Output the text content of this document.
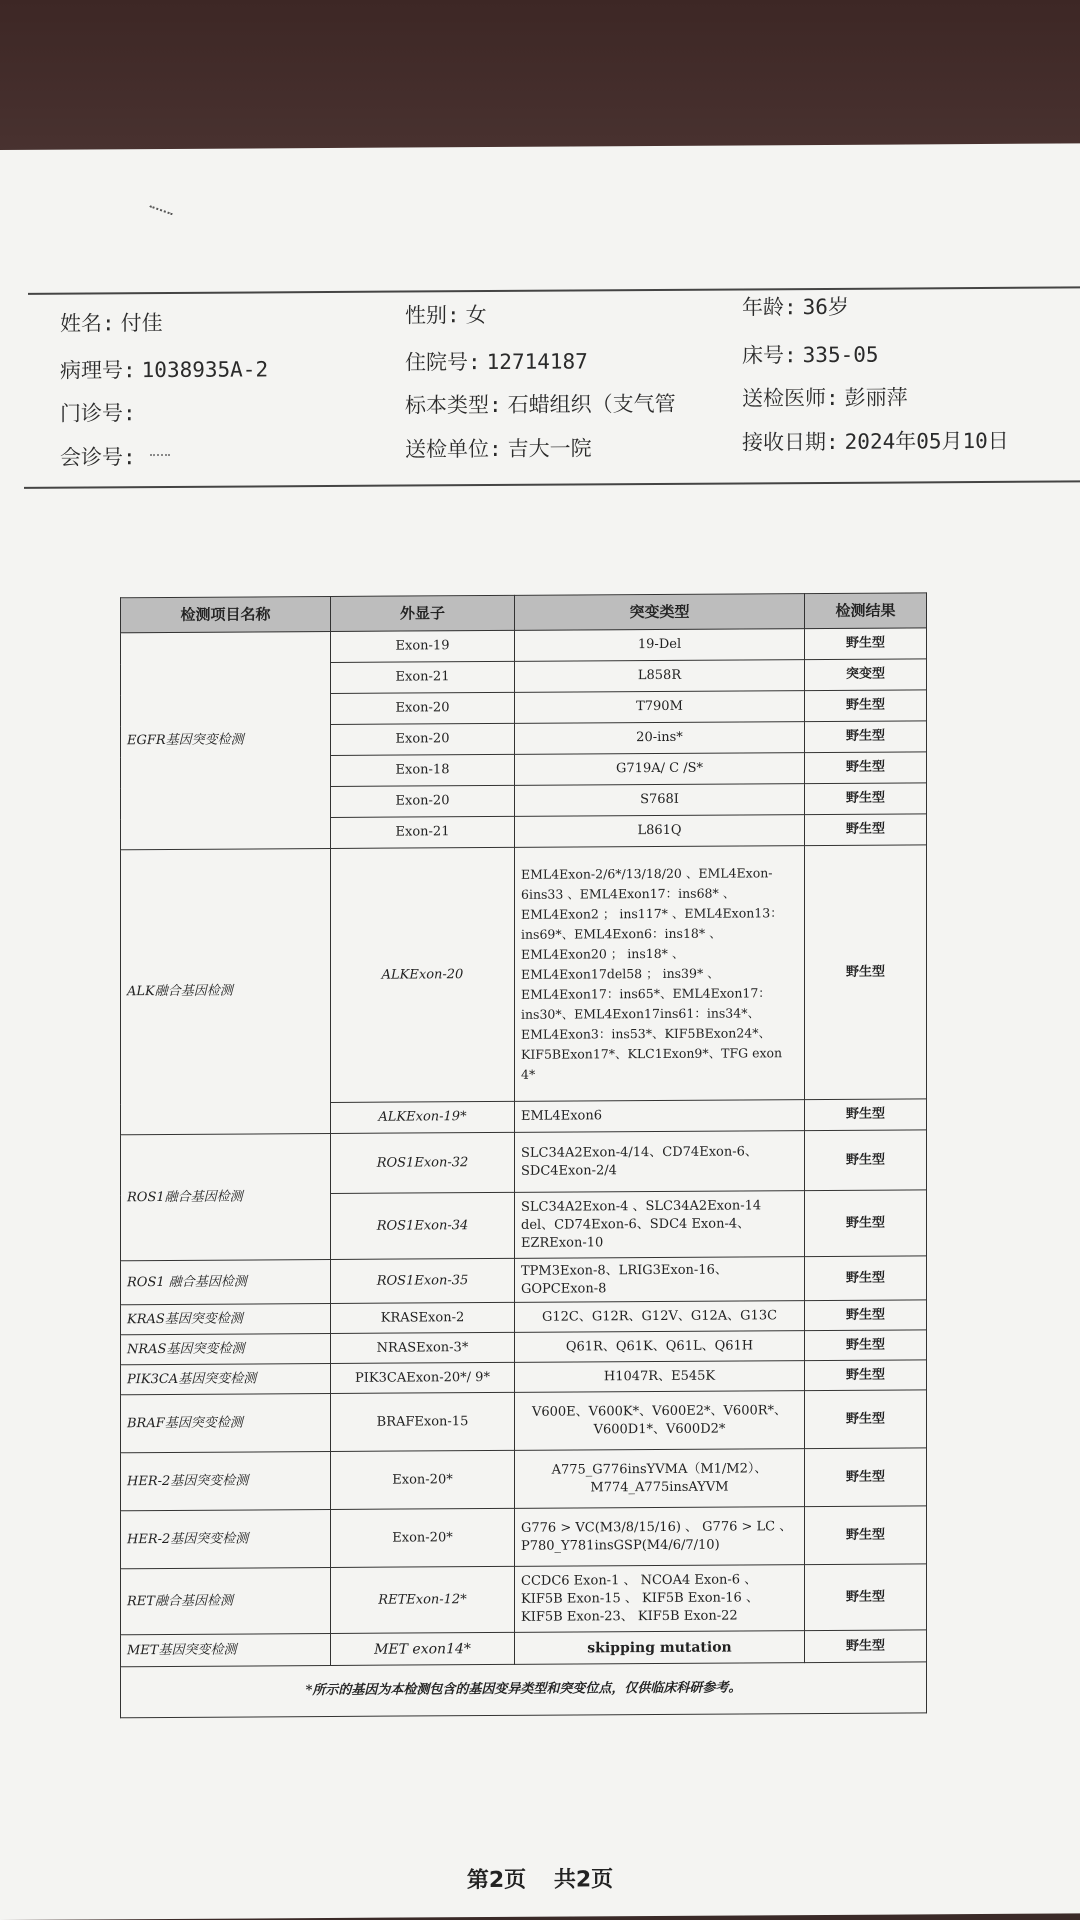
姓名: 付佳	性别: 女	年龄: 36岁
病理号: 1038935A-2	住院号: 12714187	床号: 335-05
门诊号:	标本类型: 石蜡组织（支气管	送检医师: 彭丽萍
会诊号:	送检单位: 吉大一院	接收日期: 2024年05月10日
检测项目名称	外显子	突变类型	检测结果
EGFR基因突变检测	Exon-19	19-Del	野生型
	Exon-21	L858R	突变型
	Exon-20	T790M	野生型
	Exon-20	20-ins*	野生型
	Exon-18	G719A/ C /S*	野生型
	Exon-20	S768I	野生型
	Exon-21	L861Q	野生型
ALK融合基因检测	ALKExon-20	EML4Exon-2/6*/13/18/20 、EML4Exon-6ins33 、EML4Exon17：ins68* 、EML4Exon2 ； ins117* 、EML4Exon13：ins69*、EML4Exon6：ins18* 、EML4Exon20 ； ins18* 、EML4Exon17del58 ； ins39* 、EML4Exon17：ins65*、EML4Exon17：ins30*、EML4Exon17ins61：ins34*、EML4Exon3：ins53*、KIF5BExon24*、KIF5BExon17*、KLC1Exon9*、TFG exon 4*	野生型
	ALKExon-19*	EML4Exon6	野生型
ROS1融合基因检测	ROS1Exon-32	SLC34A2Exon-4/14、CD74Exon-6、SDC4Exon-2/4	野生型
	ROS1Exon-34	SLC34A2Exon-4 、SLC34A2Exon-14 del、CD74Exon-6、SDC4 Exon-4、EZRExon-10	野生型
ROS1 融合基因检测	ROS1Exon-35	TPM3Exon-8、LRIG3Exon-16、GOPCExon-8	野生型
KRAS基因突变检测	KRASExon-2	G12C、G12R、G12V、G12A、G13C	野生型
NRAS基因突变检测	NRASExon-3*	Q61R、Q61K、Q61L、Q61H	野生型
PIK3CA基因突变检测	PIK3CAExon-20*/ 9*	H1047R、E545K	野生型
BRAF基因突变检测	BRAFExon-15	V600E、V600K*、V600E2*、V600R*、V600D1*、V600D2*	野生型
HER-2基因突变检测	Exon-20*	A775_G776insYVMA（M1/M2）、M774_A775insAYVM	野生型
HER-2基因突变检测	Exon-20*	G776 > VC(M3/8/15/16) 、 G776 > LC 、 P780_Y781insGSP(M4/6/7/10)	野生型
RET融合基因检测	RETExon-12*	CCDC6 Exon-1 、 NCOA4 Exon-6 、KIF5B Exon-15 、 KIF5B Exon-16 、KIF5B Exon-23、 KIF5B Exon-22	野生型
MET基因突变检测	MET exon14*	skipping mutation	野生型
*所示的基因为本检测包含的基因变异类型和突变位点，仅供临床科研参考。			
第2页 共2页
